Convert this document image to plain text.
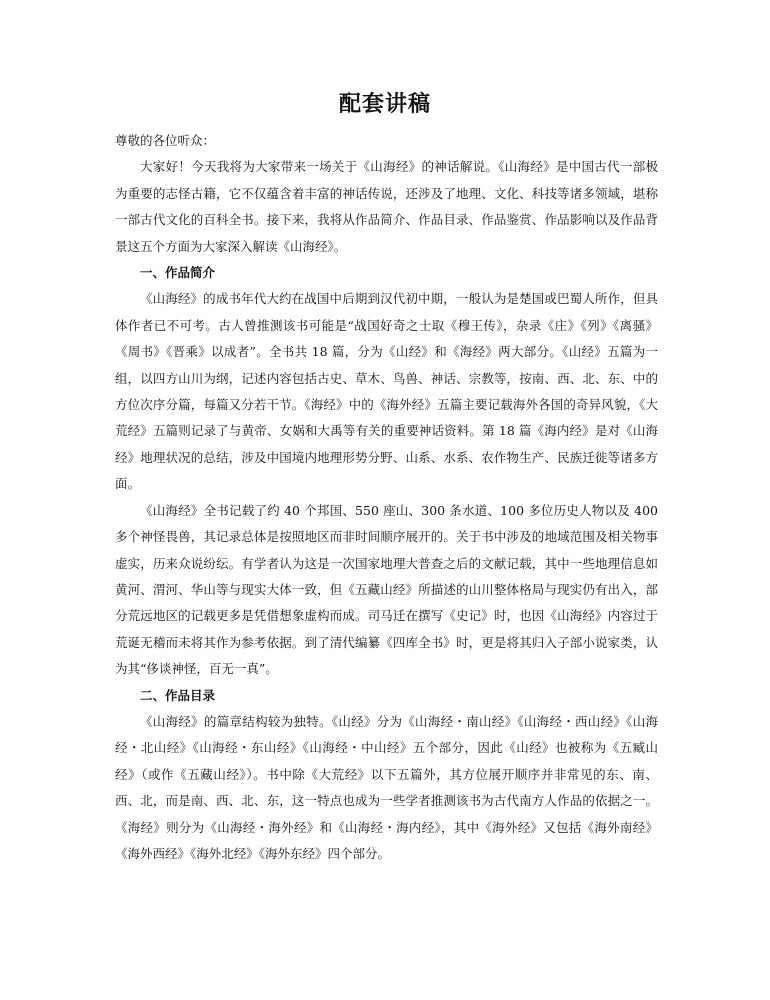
配套讲稿

尊敬的各位听众：

大家好！今天我将为大家带来一场关于《山海经》的神话解说。《山海经》是中国古代一部极为重要的志怪古籍，它不仅蕴含着丰富的神话传说，还涉及了地理、文化、科技等诸多领域，堪称一部古代文化的百科全书。接下来，我将从作品简介、作品目录、作品鉴赏、作品影响以及作品背景这五个方面为大家深入解读《山海经》。

一、作品简介

《山海经》的成书年代大约在战国中后期到汉代初中期，一般认为是楚国或巴蜀人所作，但具体作者已不可考。古人曾推测该书可能是“战国好奇之士取《穆王传》，杂录《庄》《列》《离骚》《周书》《晋乘》以成者”。全书共 18 篇，分为《山经》和《海经》两大部分。《山经》五篇为一组，以四方山川为纲，记述内容包括古史、草木、鸟兽、神话、宗教等，按南、西、北、东、中的方位次序分篇，每篇又分若干节。《海经》中的《海外经》五篇主要记载海外各国的奇异风貌，《大荒经》五篇则记录了与黄帝、女娲和大禹等有关的重要神话资料。第 18 篇《海内经》是对《山海经》地理状况的总结，涉及中国境内地理形势分野、山系、水系、农作物生产、民族迁徙等诸多方面。

《山海经》全书记载了约 40 个邦国、550 座山、300 条水道、100 多位历史人物以及 400 多个神怪畏兽，其记录总体是按照地区而非时间顺序展开的。关于书中涉及的地域范围及相关物事虚实，历来众说纷纭。有学者认为这是一次国家地理大普查之后的文献记载，其中一些地理信息如黄河、渭河、华山等与现实大体一致，但《五藏山经》所描述的山川整体格局与现实仍有出入，部分荒远地区的记载更多是凭借想象虚构而成。司马迁在撰写《史记》时，也因《山海经》内容过于荒诞无稽而未将其作为参考依据。到了清代编纂《四库全书》时，更是将其归入子部小说家类，认为其“侈谈神怪，百无一真”。

二、作品目录

《山海经》的篇章结构较为独特。《山经》分为《山海经・南山经》《山海经・西山经》《山海经・北山经》《山海经・东山经》《山海经・中山经》五个部分，因此《山经》也被称为《五臧山经》（或作《五藏山经》）。书中除《大荒经》以下五篇外，其方位展开顺序并非常见的东、南、西、北，而是南、西、北、东，这一特点也成为一些学者推测该书为古代南方人作品的依据之一。《海经》则分为《山海经・海外经》和《山海经・海内经》，其中《海外经》又包括《海外南经》《海外西经》《海外北经》《海外东经》四个部分。
